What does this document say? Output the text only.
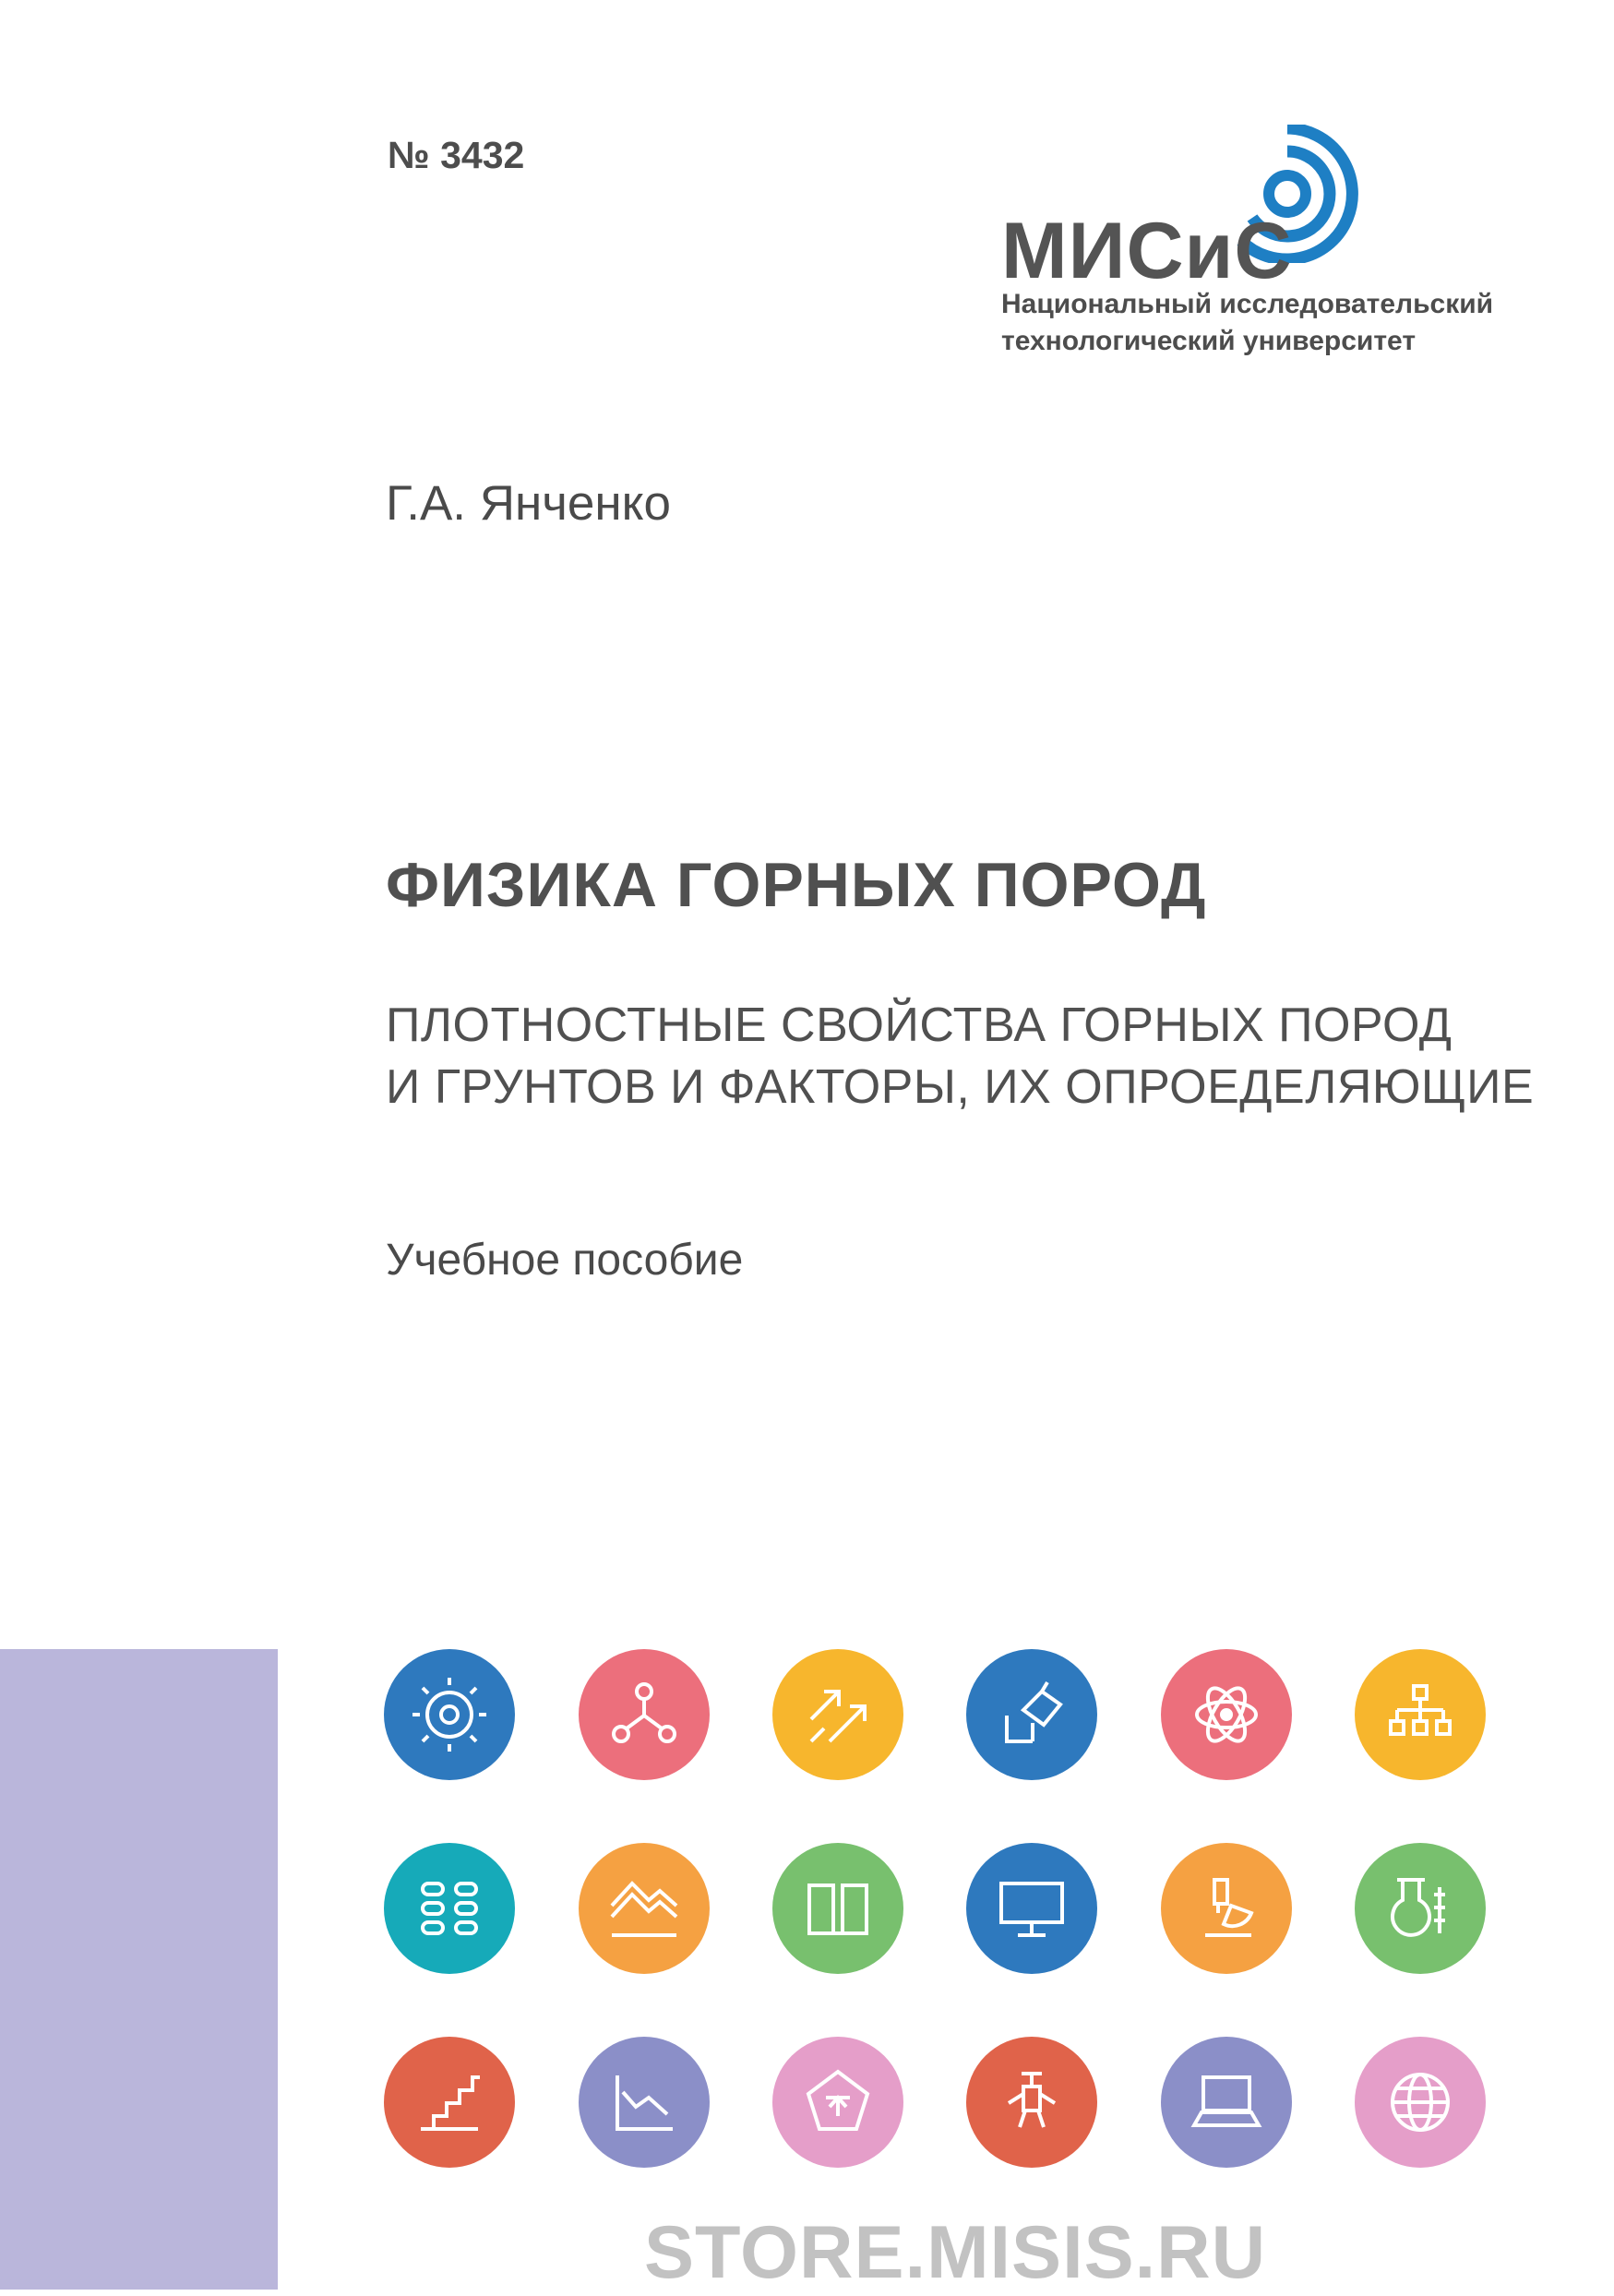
№ 3432
МИСиС
Национальный исследовательский
технологический университет
Г.А. Янченко
ФИЗИКА ГОРНЫХ ПОРОД
ПЛОТНОСТНЫЕ СВОЙСТВА ГОРНЫХ ПОРОД
И ГРУНТОВ И ФАКТОРЫ, ИХ ОПРОЕДЕЛЯЮЩИЕ
Учебное пособие
STORE.MISIS.RU
